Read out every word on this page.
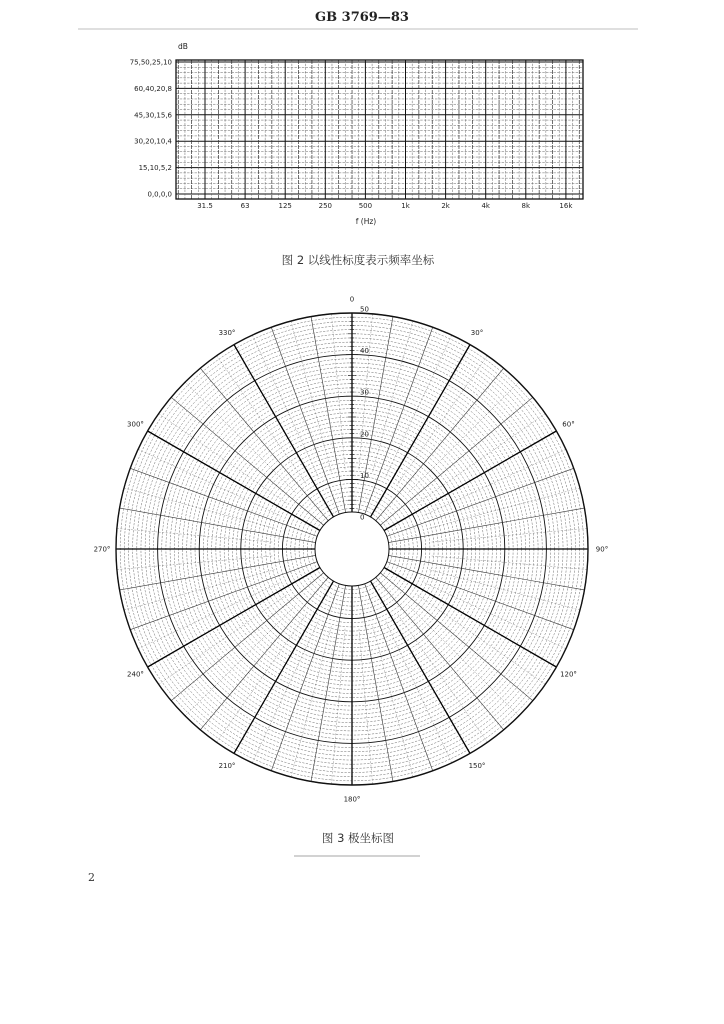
GB 3769—83
dB
75,50,25,10
60,40,20,8
45,30,15,6
30,20,10,4
15,10,5,2
0,0,0,0
31.5	63	125	250	500	1k	2k	4k	8k	16k
f (Hz)
图 2 以线性标度表示频率坐标
0
30°
60°
90°
120°
150°
180°
210°
240°
270°
300°
330°
50
40
30
20
10
0
图 3 极坐标图
2
